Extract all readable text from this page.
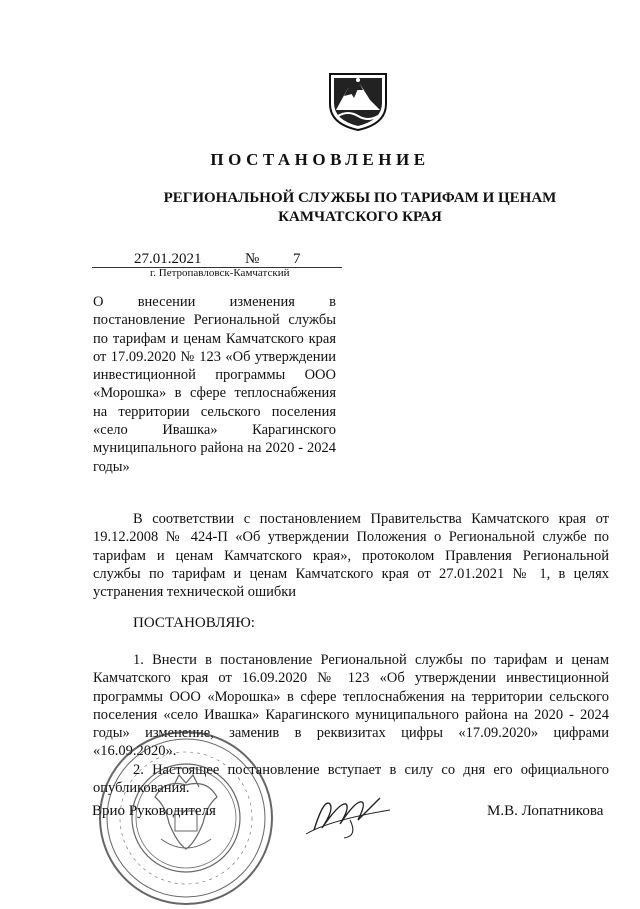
ПОСТАНОВЛЕНИЕ
РЕГИОНАЛЬНОЙ СЛУЖБЫ ПО ТАРИФАМ И ЦЕНАМ КАМЧАТСКОГО КРАЯ
27.01.2021	№ 7
г. Петропавловск-Камчатский
О внесении изменения в постановление Региональной службы по тарифам и ценам Камчатского края от 17.09.2020 № 123 «Об утверждении инвестиционной программы ООО «Морошка» в сфере теплоснабжения на территории сельского поселения «село Ивашка» Карагинского муниципального района на 2020 - 2024 годы»

В соответствии с постановлением Правительства Камчатского края от 19.12.2008 № 424-П «Об утверждении Положения о Региональной службе по тарифам и ценам Камчатского края», протоколом Правления Региональной службы по тарифам и ценам Камчатского края от 27.01.2021 № 1, в целях устранения технической ошибки

ПОСТАНОВЛЯЮ:

1. Внести в постановление Региональной службы по тарифам и ценам Камчатского края от 16.09.2020 № 123 «Об утверждении инвестиционной программы ООО «Морошка» в сфере теплоснабжения на территории сельского поселения «село Ивашка» Карагинского муниципального района на 2020 - 2024 годы» изменение, заменив в реквизитах цифры «17.09.2020» цифрами «16.09.2020».

2. Настоящее постановление вступает в силу со дня его официального опубликования.

Врио Руководителя	М.В. Лопатникова
